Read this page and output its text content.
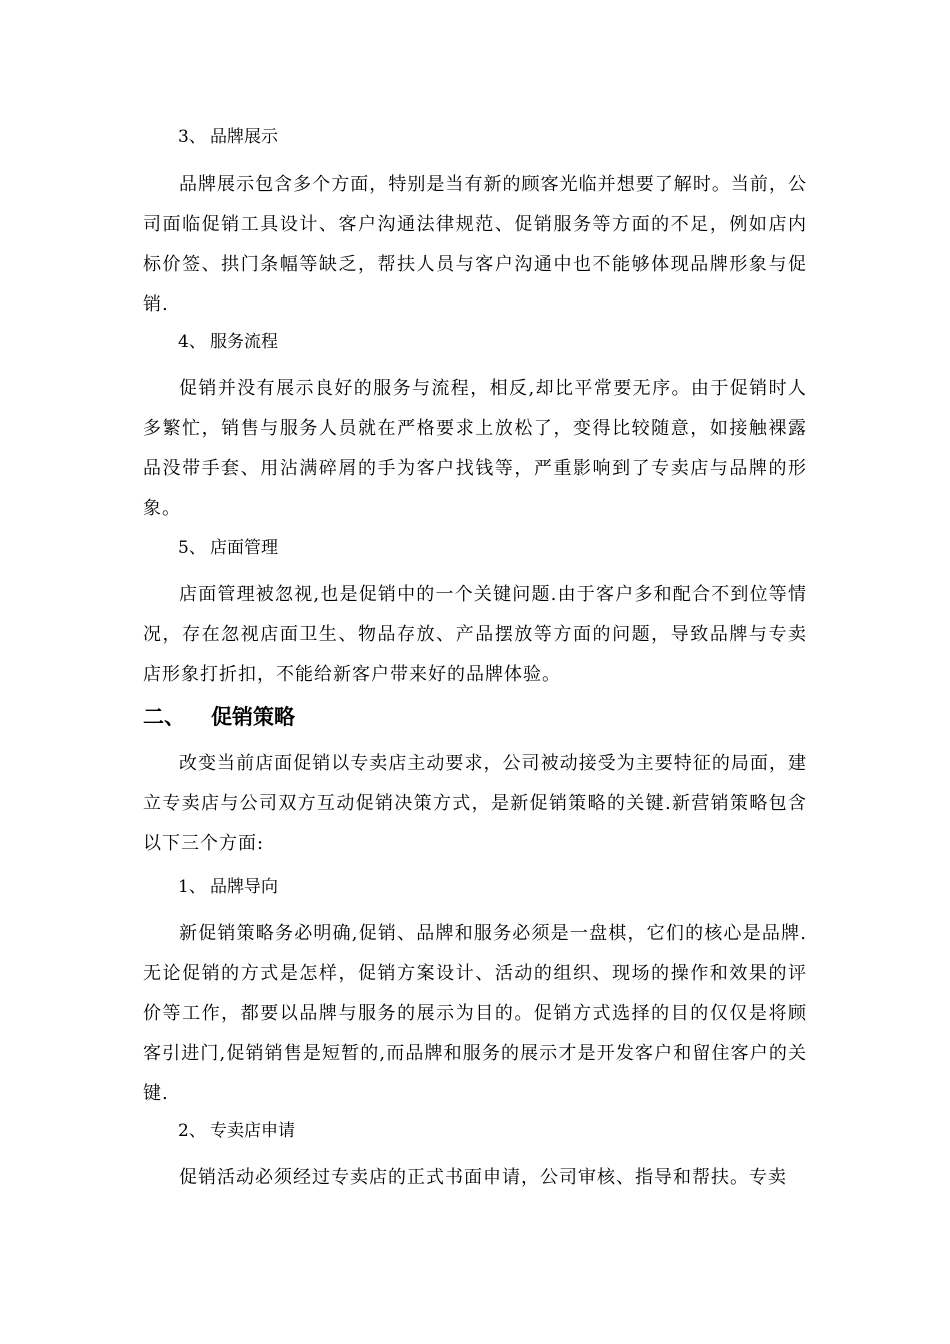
3、 品牌展示

品牌展示包含多个方面，特别是当有新的顾客光临并想要了解时。当前，公司面临促销工具设计、客户沟通法律规范、促销服务等方面的不足，例如店内标价签、拱门条幅等缺乏，帮扶人员与客户沟通中也不能够体现品牌形象与促销.

4、 服务流程

促销并没有展示良好的服务与流程，相反,却比平常要无序。由于促销时人多繁忙，销售与服务人员就在严格要求上放松了，变得比较随意，如接触裸露品没带手套、用沾满碎屑的手为客户找钱等，严重影响到了专卖店与品牌的形象。

5、 店面管理

店面管理被忽视,也是促销中的一个关键问题.由于客户多和配合不到位等情况，存在忽视店面卫生、物品存放、产品摆放等方面的问题，导致品牌与专卖店形象打折扣，不能给新客户带来好的品牌体验。

二、 促销策略

改变当前店面促销以专卖店主动要求，公司被动接受为主要特征的局面，建立专卖店与公司双方互动促销决策方式，是新促销策略的关键.新营销策略包含以下三个方面:

1、 品牌导向

新促销策略务必明确,促销、品牌和服务必须是一盘棋，它们的核心是品牌.无论促销的方式是怎样，促销方案设计、活动的组织、现场的操作和效果的评价等工作，都要以品牌与服务的展示为目的。促销方式选择的目的仅仅是将顾客引进门,促销销售是短暂的,而品牌和服务的展示才是开发客户和留住客户的关键.

2、 专卖店申请

促销活动必须经过专卖店的正式书面申请，公司审核、指导和帮扶。专卖
